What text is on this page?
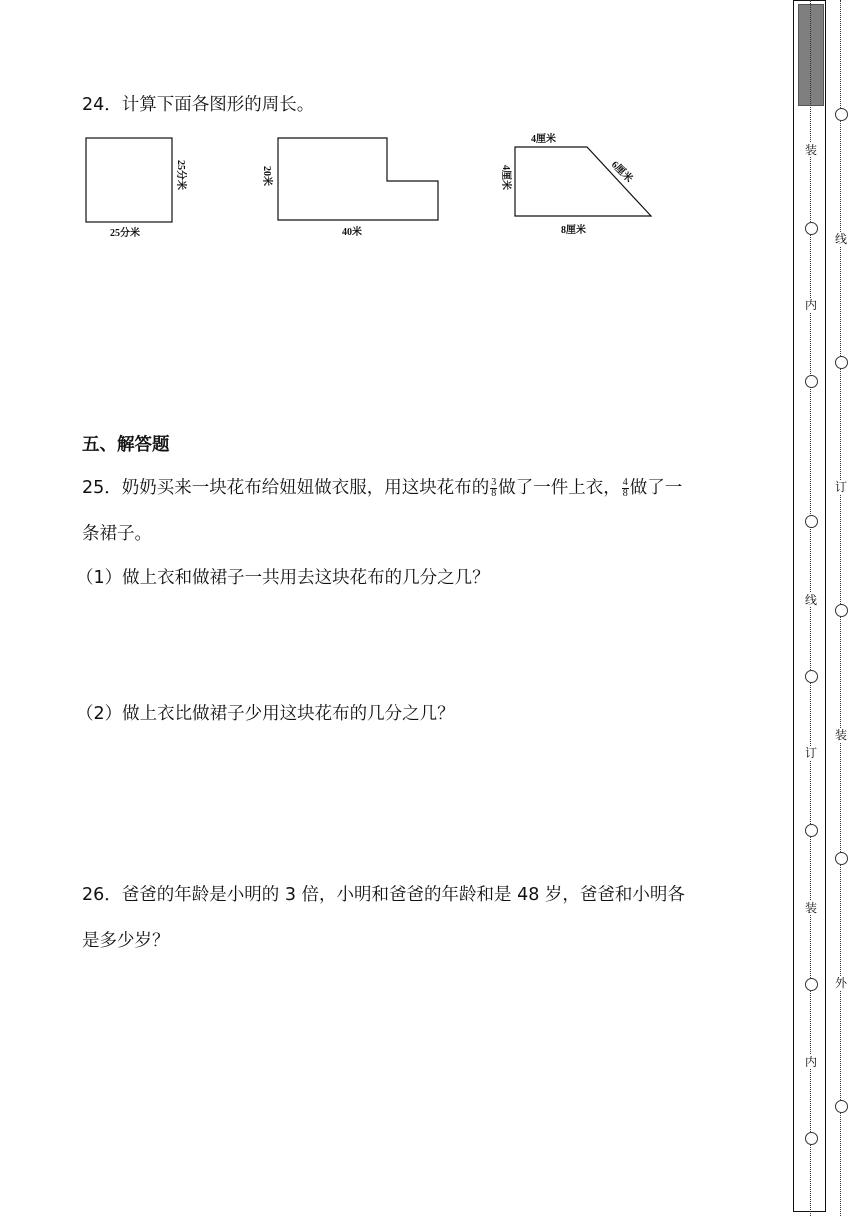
24．计算下面各图形的周长。
25分米
25分米
20米
40米
4厘米
4厘米	6厘米
8厘米
五、解答题
25．奶奶买来一块花布给妞妞做衣服，用这块花布的 $\frac{3}{8}$ 做了一件上衣， $\frac{4}{8}$ 做了一
条裙子。
（1）做上衣和做裙子一共用去这块花布的几分之几？
（2）做上衣比做裙子少用这块花布的几分之几？
26．爸爸的年龄是小明的 3 倍，小明和爸爸的年龄和是 48 岁，爸爸和小明各
是多少岁？
装
内
线
订
装
内
线
订
装
外
